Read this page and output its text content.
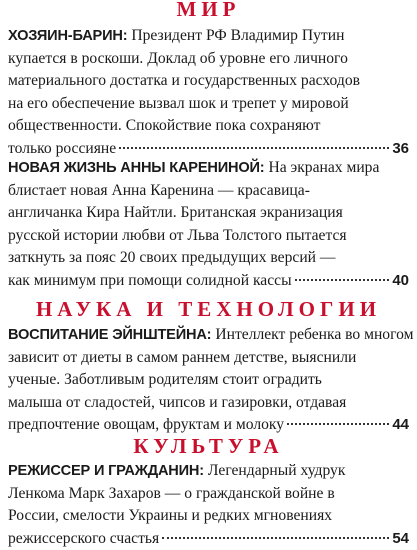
МИР
ХОЗЯИН-БАРИН: Президент РФ Владимир Путин
купается в роскоши. Доклад об уровне его личного
материального достатка и государственных расходов
на его обеспечение вызвал шок и трепет у мировой
общественности. Спокойствие пока сохраняют
только россияне	36
НОВАЯ ЖИЗНЬ АННЫ КАРЕНИНОЙ: На экранах мира
блистает новая Анна Каренина — красавица-
англичанка Кира Найтли. Британская экранизация
русской истории любви от Льва Толстого пытается
заткнуть за пояс 20 своих предыдущих версий —
как минимум при помощи солидной кассы	40
НАУКА И ТЕХНОЛОГИИ
ВОСПИТАНИЕ ЭЙНШТЕЙНА: Интеллект ребенка во многом
зависит от диеты в самом раннем детстве, выяснили
ученые. Заботливым родителям стоит оградить
малыша от сладостей, чипсов и газировки, отдавая
предпочтение овощам, фруктам и молоку	44
КУЛЬТУРА
РЕЖИССЕР И ГРАЖДАНИН: Легендарный худрук
Ленкома Марк Захаров — о гражданской войне в
России, смелости Украины и редких мгновениях
режиссерского счастья	54
